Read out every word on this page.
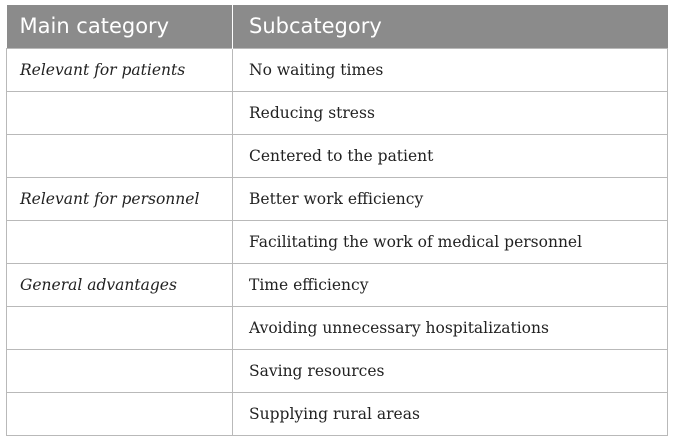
Main category	Subcategory
Relevant for patients	No waiting times
	Reducing stress
	Centered to the patient
Relevant for personnel	Better work efficiency
	Facilitating the work of medical personnel
General advantages	Time efficiency
	Avoiding unnecessary hospitalizations
	Saving resources
	Supplying rural areas
